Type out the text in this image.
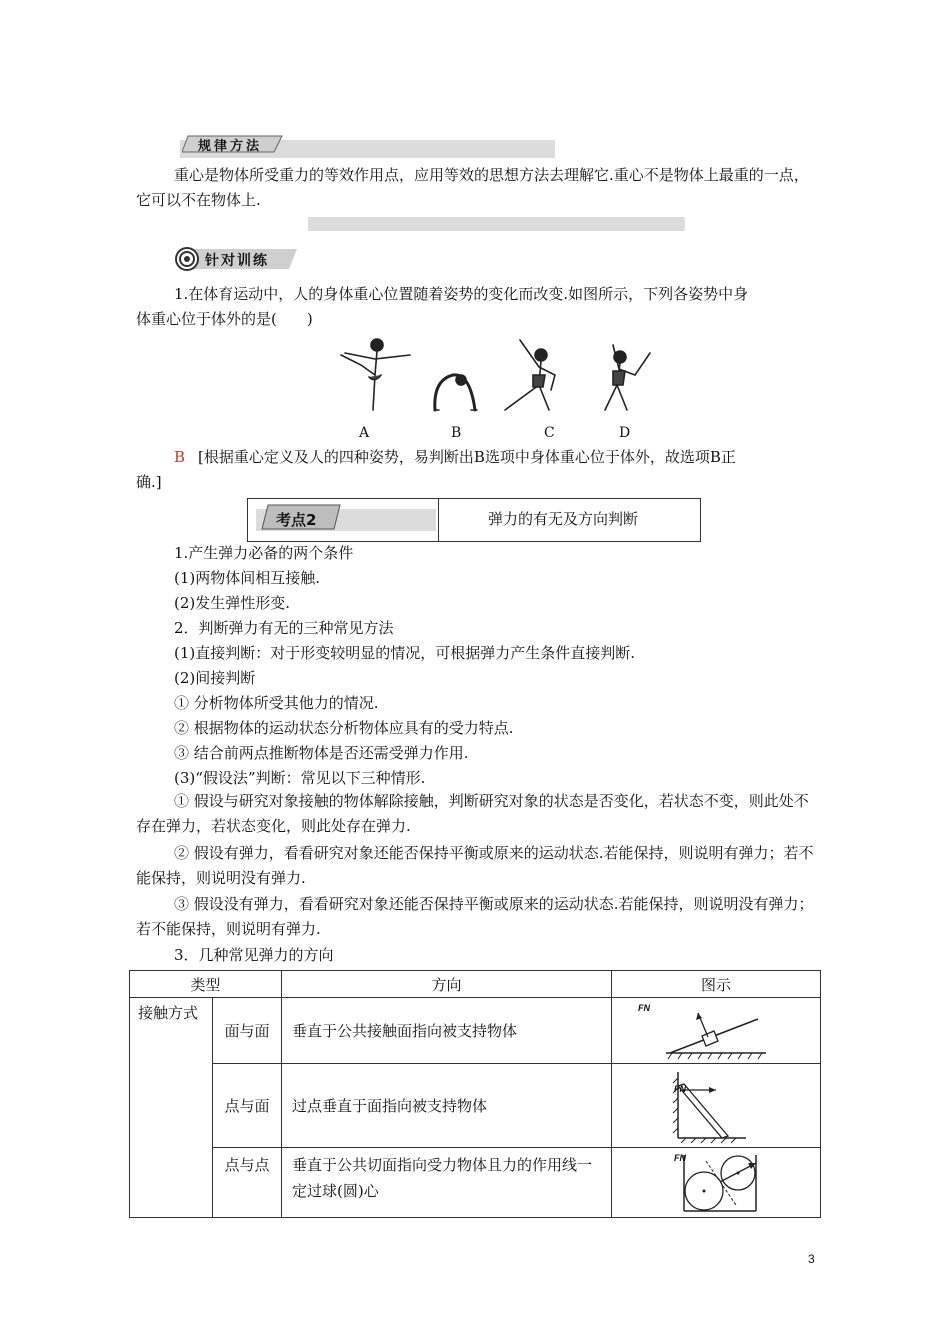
规律方法
重心是物体所受重力的等效作用点，应用等效的思想方法去理解它.重心不是物体上最重的一点，它可以不在物体上.
针对训练
1.在体育运动中，人的身体重心位置随着姿势的变化而改变.如图所示，下列各姿势中身
体重心位于体外的是(　　)
A	B	C	D
B [根据重心定义及人的四种姿势，易判断出B选项中身体重心位于体外，故选项B正
确.]
考点2	弹力的有无及方向判断
1.产生弹力必备的两个条件
(1)两物体间相互接触.
(2)发生弹性形变.
2．判断弹力有无的三种常见方法
(1)直接判断：对于形变较明显的情况，可根据弹力产生条件直接判断.
(2)间接判断
① 分析物体所受其他力的情况.
② 根据物体的运动状态分析物体应具有的受力特点.
③ 结合前两点推断物体是否还需受弹力作用.
(3)“假设法”判断：常见以下三种情形.
① 假设与研究对象接触的物体解除接触，判断研究对象的状态是否变化，若状态不变，则此处不存在弹力，若状态变化，则此处存在弹力.
② 假设有弹力，看看研究对象还能否保持平衡或原来的运动状态.若能保持，则说明有弹力；若不能保持，则说明没有弹力.
③ 假设没有弹力，看看研究对象还能否保持平衡或原来的运动状态.若能保持，则说明没有弹力；若不能保持，则说明有弹力.
3．几种常见弹力的方向
类型		方向	图示

接触方式	面与面	垂直于公共接触面指向被支持物体	FN

	点与面	过点垂直于面指向被支持物体	FN

	点与点	垂直于公共切面指向受力物体且力的作用线一定过球(圆)心	FN
3
